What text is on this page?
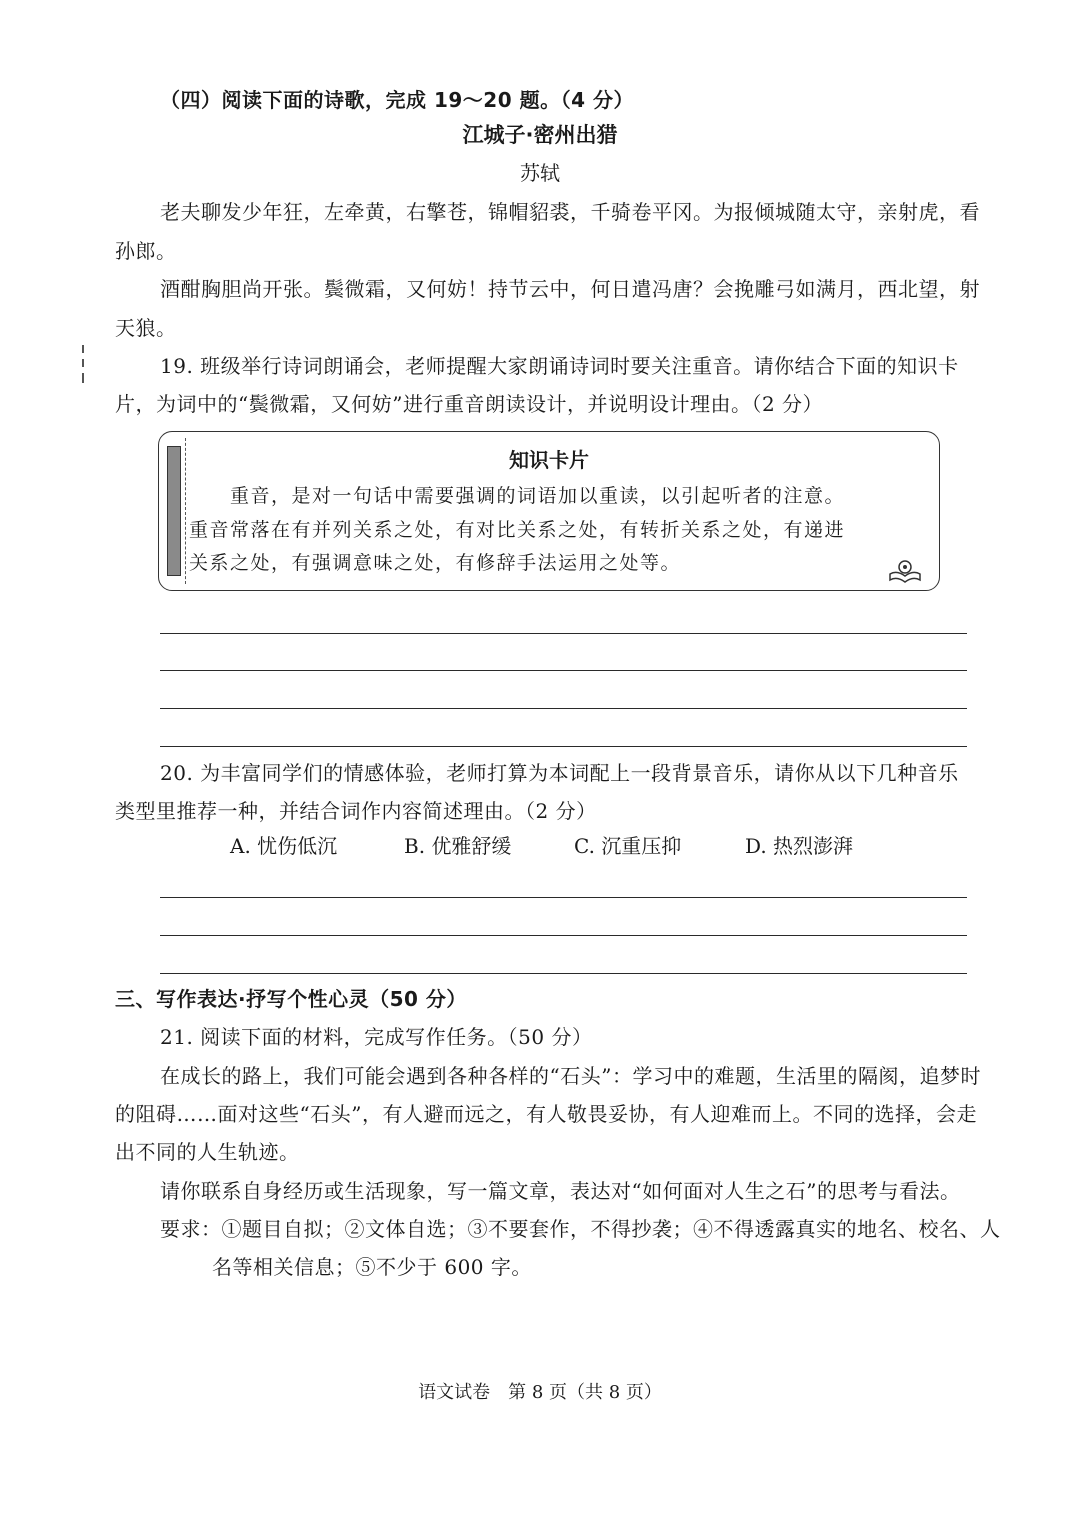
（四）阅读下面的诗歌，完成 19～20 题。（4 分）
江城子·密州出猎
苏轼
老夫聊发少年狂，左牵黄，右擎苍，锦帽貂裘，千骑卷平冈。为报倾城随太守，亲射虎，看
孙郎。
酒酣胸胆尚开张。鬓微霜，又何妨！持节云中，何日遣冯唐？会挽雕弓如满月，西北望，射
天狼。
19. 班级举行诗词朗诵会，老师提醒大家朗诵诗词时要关注重音。请你结合下面的知识卡
片，为词中的“鬓微霜，又何妨”进行重音朗读设计，并说明设计理由。（2 分）
知识卡片
　　重音，是对一句话中需要强调的词语加以重读，以引起听者的注意。
重音常落在有并列关系之处，有对比关系之处，有转折关系之处，有递进
关系之处，有强调意味之处，有修辞手法运用之处等。
20. 为丰富同学们的情感体验，老师打算为本词配上一段背景音乐，请你从以下几种音乐
类型里推荐一种，并结合词作内容简述理由。（2 分）
A. 忧伤低沉	B. 优雅舒缓	C. 沉重压抑	D. 热烈澎湃
三、写作表达·抒写个性心灵（50 分）
21. 阅读下面的材料，完成写作任务。（50 分）
在成长的路上，我们可能会遇到各种各样的“石头”：学习中的难题，生活里的隔阂，追梦时
的阻碍……面对这些“石头”，有人避而远之，有人敬畏妥协，有人迎难而上。不同的选择，会走
出不同的人生轨迹。
请你联系自身经历或生活现象，写一篇文章，表达对“如何面对人生之石”的思考与看法。
要求：①题目自拟；②文体自选；③不要套作，不得抄袭；④不得透露真实的地名、校名、人
名等相关信息；⑤不少于 600 字。
语文试卷　第 8 页（共 8 页）
